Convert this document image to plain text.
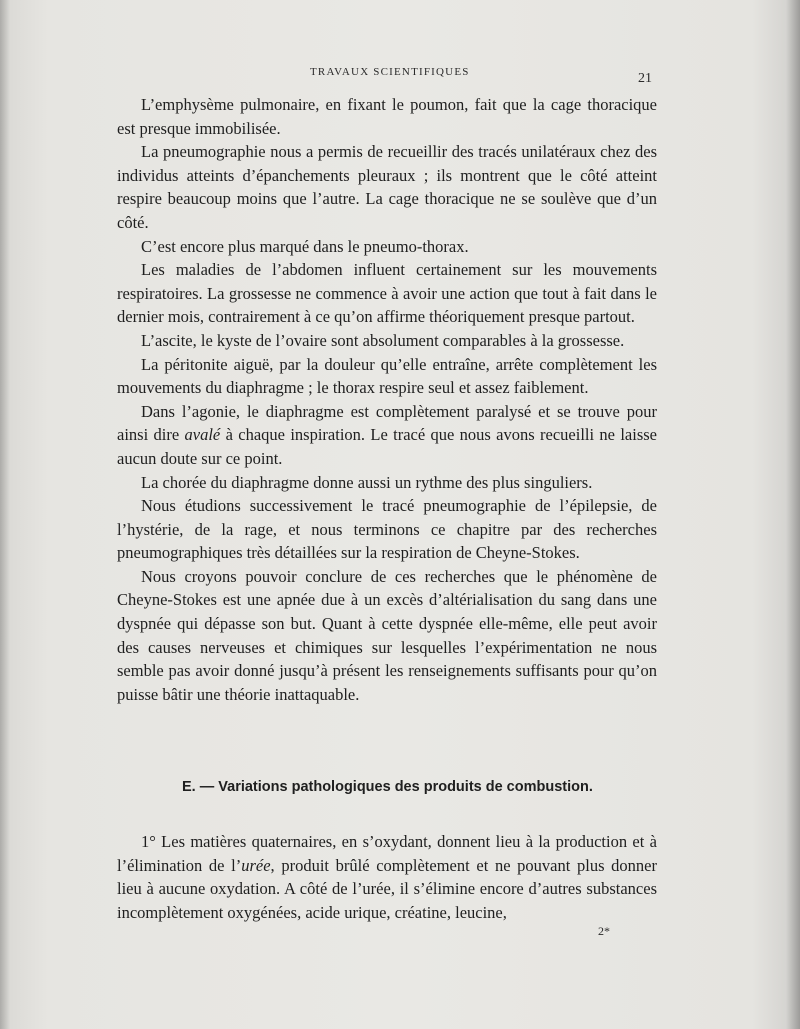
TRAVAUX SCIENTIFIQUES	21

L’emphysème pulmonaire, en fixant le poumon, fait que la cage thoracique est presque immobilisée.

La pneumographie nous a permis de recueillir des tracés unilatéraux chez des individus atteints d’épanchements pleuraux ; ils montrent que le côté atteint respire beaucoup moins que l’autre. La cage thoracique ne se soulève que d’un côté.

C’est encore plus marqué dans le pneumo-thorax.

Les maladies de l’abdomen influent certainement sur les mouvements respiratoires. La grossesse ne commence à avoir une action que tout à fait dans le dernier mois, contrairement à ce qu’on affirme théoriquement presque partout.

L’ascite, le kyste de l’ovaire sont absolument comparables à la grossesse.

La péritonite aiguë, par la douleur qu’elle entraîne, arrête complètement les mouvements du diaphragme ; le thorax respire seul et assez faiblement.

Dans l’agonie, le diaphragme est complètement paralysé et se trouve pour ainsi dire avalé à chaque inspiration. Le tracé que nous avons recueilli ne laisse aucun doute sur ce point.

La chorée du diaphragme donne aussi un rythme des plus singuliers.

Nous étudions successivement le tracé pneumographie de l’épilepsie, de l’hystérie, de la rage, et nous terminons ce chapitre par des recherches pneumographiques très détaillées sur la respiration de Cheyne-Stokes.

Nous croyons pouvoir conclure de ces recherches que le phénomène de Cheyne-Stokes est une apnée due à un excès d’altérialisation du sang dans une dyspnée qui dépasse son but. Quant à cette dyspnée elle-même, elle peut avoir des causes nerveuses et chimiques sur lesquelles l’expérimentation ne nous semble pas avoir donné jusqu’à présent les renseignements suffisants pour qu’on puisse bâtir une théorie inattaquable.

E. — Variations pathologiques des produits de combustion.

1° Les matières quaternaires, en s’oxydant, donnent lieu à la production et à l’élimination de l’urée, produit brûlé complètement et ne pouvant plus donner lieu à aucune oxydation. A côté de l’urée, il s’élimine encore d’autres substances incomplètement oxygénées, acide urique, créatine, leucine,

2*
